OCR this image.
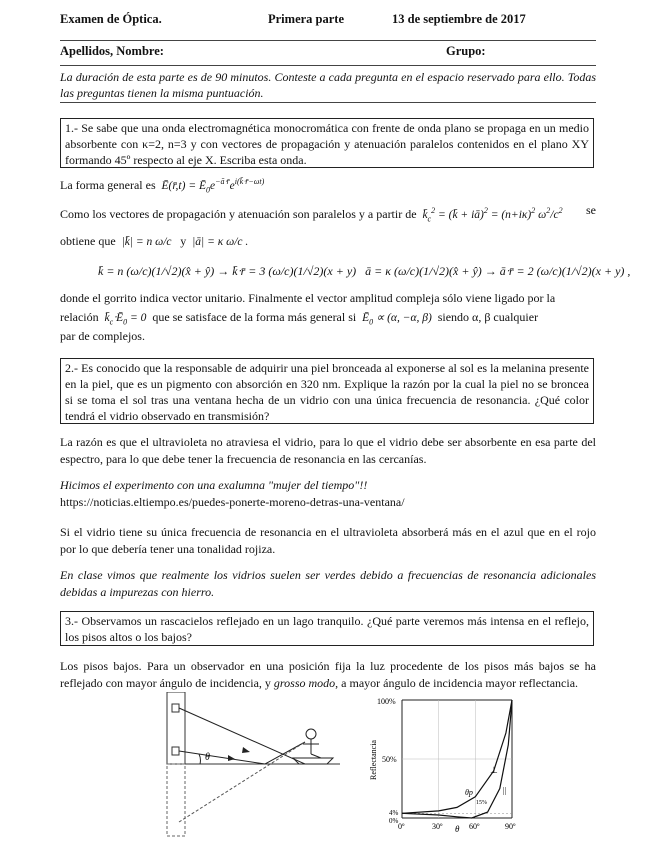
Examen de Óptica.	Primera parte	13 de septiembre de 2017
Apellidos, Nombre:	Grupo:
La duración de esta parte es de 90 minutos. Conteste a cada pregunta en el espacio reservado para ello. Todas las preguntas tienen la misma puntuación.
1.- Se sabe que una onda electromagnética monocromática con frente de onda plano se propaga en un medio absorbente con κ=2, n=3 y con vectores de propagación y atenuación paralelos contenidos en el plano XY formando 45º respecto al eje X. Escriba esta onda.
La forma general es  Ē(r̄,t) = $Ē_0e^{-āᐧr̄}e^{i(k̄ᐧr̄-\omega t)}$
Como los vectores de propagación y atenuación son paralelos y a partir de  $k̄_c^2$ = (k̄ + iā)$^2$ = $(n+i\kappa)^2$ $\omega^2/c^2$ se
obtiene que  |k̄| = n ω/c   y  |ā| = κ ω/c .
k̄ = n (ω/c)(1/√2)(x̂ + ŷ) → k̄ᐧr̄ = 3 (ω/c)(1/√2)(x + y)   ā = κ (ω/c)(1/√2)(x̂ + ŷ) → āᐧr̄ = 2 (ω/c)(1/√2)(x + y) ,
donde el gorrito indica vector unitario. Finalmente el vector amplitud compleja sólo viene ligado por la
relación  $k̄_cᐧĒ_0 = 0$  que se satisface de la forma más general si  $Ē_0 \propto (\alpha$, −α, β)  siendo α, β cualquier
par de complejos.
2.- Es conocido que la responsable de adquirir una piel bronceada al exponerse al sol es la melanina presente en la piel, que es un pigmento con absorción en 320 nm. Explique la razón por la cual la piel no se broncea si se toma el sol tras una ventana hecha de un vidrio con una única frecuencia de resonancia. ¿Qué color tendrá el vidrio observado en transmisión?
La razón es que el ultravioleta no atraviesa el vidrio, para lo que el vidrio debe ser absorbente en esa parte del espectro, para lo que debe tener la frecuencia de resonancia en las cercanías.
Hicimos el experimento con una exalumna "mujer del tiempo"!!
https://noticias.eltiempo.es/puedes-ponerte-moreno-detras-una-ventana/
Si el vidrio tiene su única frecuencia de resonancia en el ultravioleta absorberá más en el azul que en el rojo por lo que debería tener una tonalidad rojiza.
En clase vimos que realmente los vidrios suelen ser verdes debido a frecuencias de resonancia adicionales debidas a impurezas con hierro.
3.- Observamos un rascacielos reflejado en un lago tranquilo. ¿Qué parte veremos más intensa en el reflejo, los pisos altos o los bajos?
Los pisos bajos. Para un observador en una posición fija la luz procedente de los pisos más bajos se ha reflejado con mayor ángulo de incidencia, y grosso modo, a mayor ángulo de incidencia mayor reflectancia.
θ	Reflectancia
100%
50%
4%
0%
0º	30º θ 60º	90º
θp
15%
⊥
||
